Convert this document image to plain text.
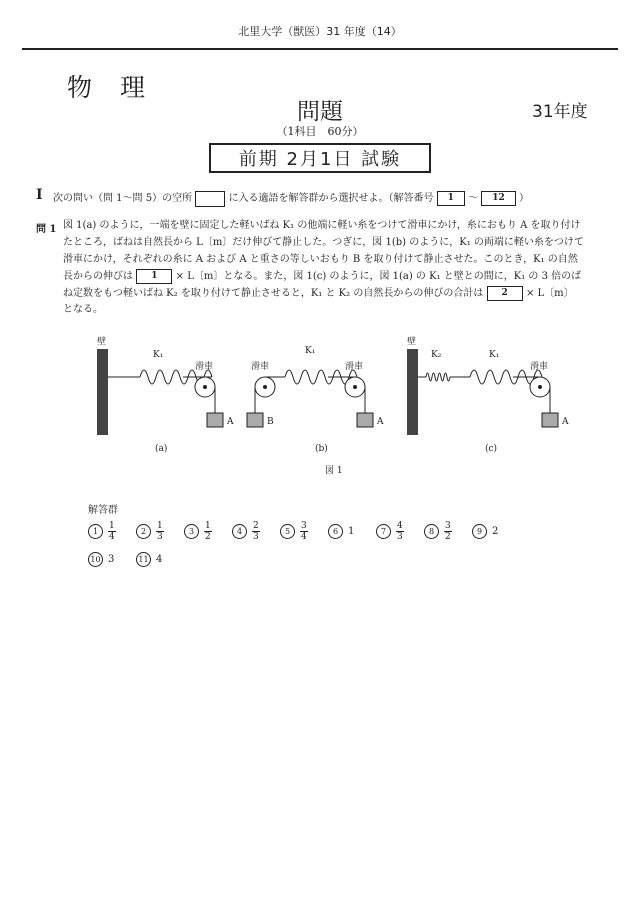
北里大学（獣医）31 年度（14）
物 理
問題	31年度
（1科目　60分）
前期 2月1日 試験
I 次の問い（問 1〜問 5）の空所	に入る適語を解答群から選択せよ。（解答番号 1 〜 12 ）
問 1 図 1(a) のように，一端を壁に固定した軽いばね K₁ の他端に軽い糸をつけて滑車にかけ，糸におもり A を取り付け
たところ，ばねは自然長から L〔m〕だけ伸びて静止した。つぎに，図 1(b) のように，K₁ の両端に軽い糸をつけて
滑車にかけ，それぞれの糸に A および A と重さの等しいおもり B を取り付けて静止させた。このとき，K₁ の自然
長からの伸びは 1 × L〔m〕となる。また，図 1(c) のように，図 1(a) の K₁ と壁との間に，K₁ の 3 倍のば
ね定数をもつ軽いばね K₂ を取り付けて静止させると，K₁ と K₂ の自然長からの伸びの合計は 2 × L〔m〕
となる。
壁
K₁
滑車
A
(a)
滑車
B
K₁
滑車
A
(b)
壁
K₂	K₁
滑車
A
(c)
図 1
解答群
1	$\frac{1}{4}$	2	$\frac{1}{3}$	3	$\frac{1}{2}$	4	$\frac{2}{3}$	5	$\frac{3}{4}$	6 1	7	$\frac{4}{3}$	8	$\frac{3}{2}$	9 2
10 3	11 4
